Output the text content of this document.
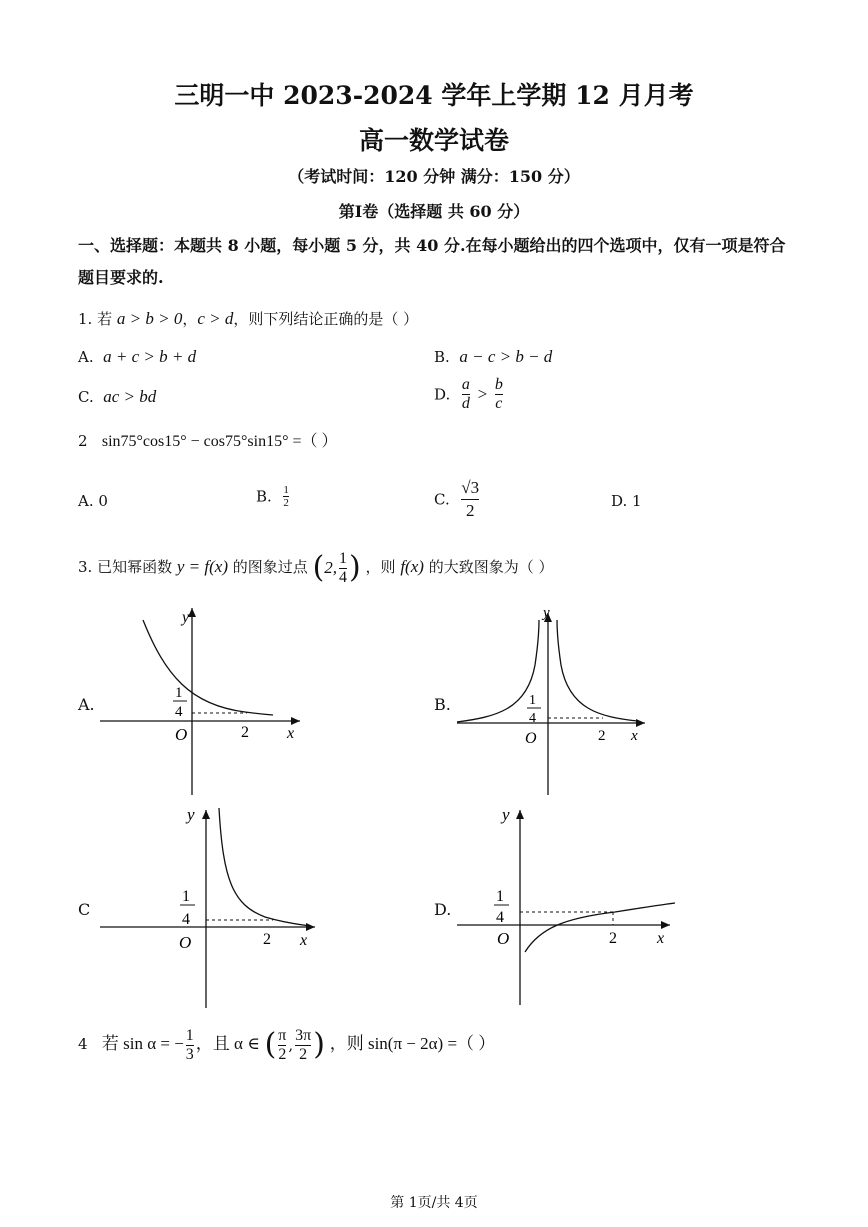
三明一中 2023-2024 学年上学期 12 月月考
高一数学试卷
（考试时间：120 分钟 满分：150 分）
第Ⅰ卷（选择题 共 60 分）
一、选择题：本题共 8 小题，每小题 5 分，共 40 分.在每小题给出的四个选项中，仅有一项是符合题目要求的.
1. 若 a > b > 0，c > d，则下列结论正确的是（ ）
A. a + c > b + d	B. a − c > b − d
C. ac > bd	D. $\frac{a}{d} > \frac{b}{c}$
2 sin75°cos15° − cos75°sin15° =（ ）
A. 0	B. $\frac{1}{2}$	C. $\frac{√3}{2}$	D. 1
3. 已知幂函数 y = f(x) 的图象过点 (2, $\frac{1}{4}$ ) ，则 f(x) 的大致图象为（ ）
A.
y
x
O	2
1
4	B.
y
x
O	2
1
4
C
y
x
O	2
1
4
D.
y
x
O	2
1
4
4 若 sin α = − $\frac{1}{3}$ ，且 α ∈ ( $\frac{\pi}{2}$ , $\frac{3\pi}{2}$ ) ，则 sin(π − 2α) =（ ）
第 1页/共 4页
